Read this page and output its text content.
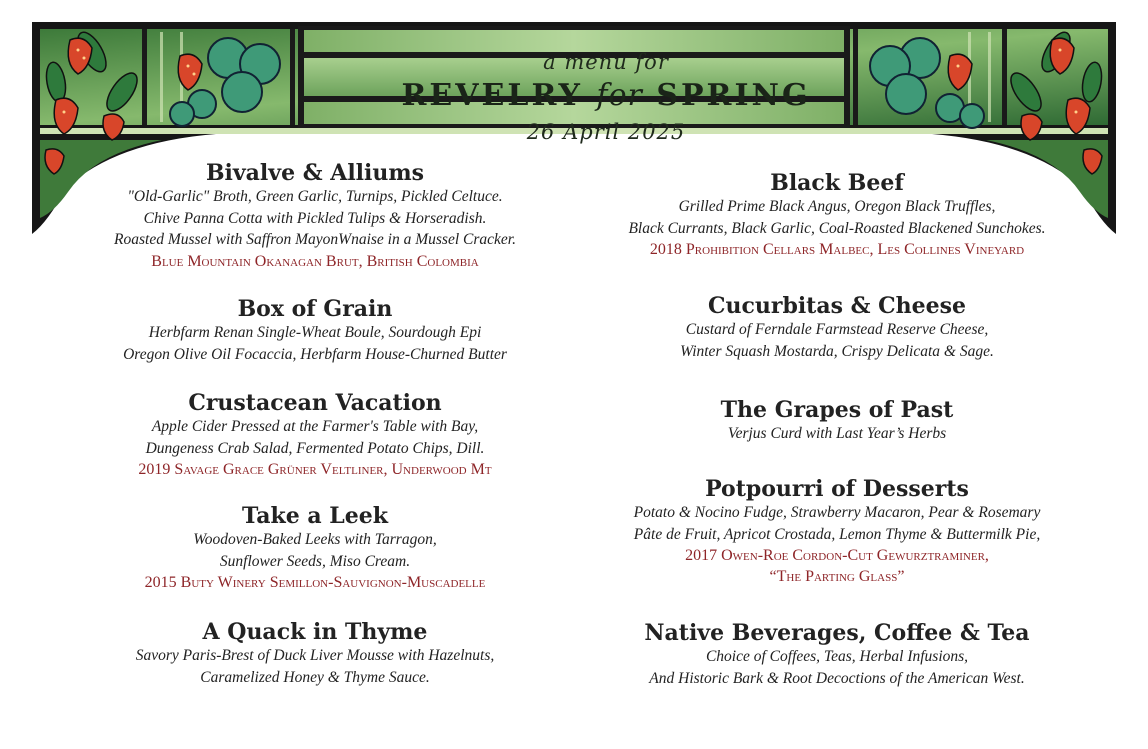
a menu for
REVELRY for SPRING
26 April 2025
Bivalve & Alliums
"Old-Garlic" Broth, Green Garlic, Turnips, Pickled Celtuce.
Chive Panna Cotta with Pickled Tulips & Horseradish.
Roasted Mussel with Saffron MayonWnaise in a Mussel Cracker.
Blue Mountain Okanagan Brut, British Colombia
Box of Grain
Herbfarm Renan Single-Wheat Boule, Sourdough Epi
Oregon Olive Oil Focaccia, Herbfarm House-Churned Butter
Crustacean Vacation
Apple Cider Pressed at the Farmer's Table with Bay,
Dungeness Crab Salad, Fermented Potato Chips, Dill.
2019 Savage Grace Grüner Veltliner, Underwood Mt
Take a Leek
Woodoven-Baked Leeks with Tarragon,
Sunflower Seeds, Miso Cream.
2015 Buty Winery Semillon-Sauvignon-Muscadelle
A Quack in Thyme
Savory Paris-Brest of Duck Liver Mousse with Hazelnuts,
Caramelized Honey & Thyme Sauce.
Black Beef
Grilled Prime Black Angus, Oregon Black Truffles,
Black Currants, Black Garlic, Coal-Roasted Blackened Sunchokes.
2018 Prohibition Cellars Malbec, Les Collines Vineyard
Cucurbitas & Cheese
Custard of Ferndale Farmstead Reserve Cheese,
Winter Squash Mostarda, Crispy Delicata & Sage.
The Grapes of Past
Verjus Curd with Last Year’s Herbs
Potpourri of Desserts
Potato & Nocino Fudge, Strawberry Macaron, Pear & Rosemary
Pâte de Fruit, Apricot Crostada, Lemon Thyme & Buttermilk Pie,
2017 Owen-Roe Cordon-Cut Gewurztraminer,
“The Parting Glass”
Native Beverages, Coffee & Tea
Choice of Coffees, Teas, Herbal Infusions,
And Historic Bark & Root Decoctions of the American West.
